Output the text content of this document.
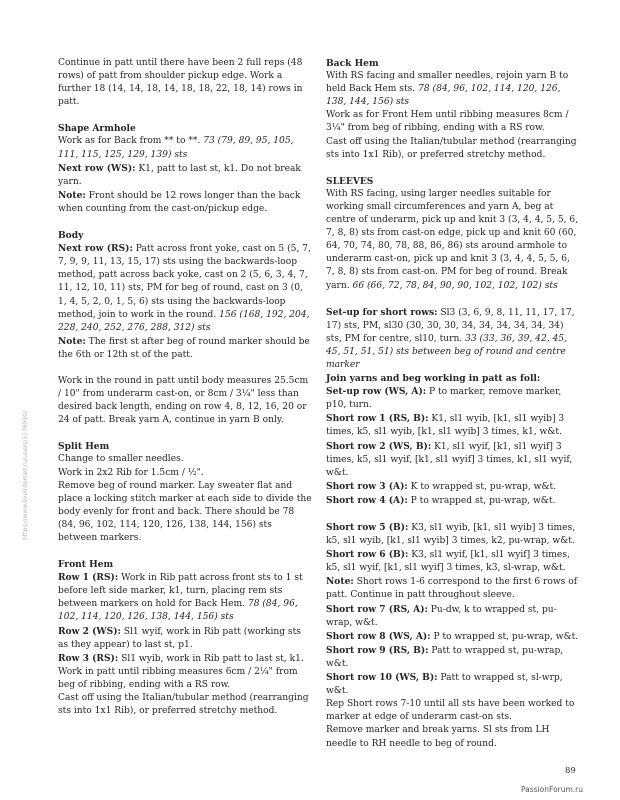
https://www.liveinternet.ru/users/5179930/

Continue in patt until there have been 2 full reps (48 rows) of patt from shoulder pickup edge. Work a further 18 (14, 14, 18, 14, 18, 18, 22, 18, 14) rows in patt.

Shape Armhole

Work as for Back from ** to **. 73 (79, 89, 95, 105, 111, 115, 125, 129, 139) sts

Next row (WS): K1, patt to last st, k1. Do not break yarn.

Note: Front should be 12 rows longer than the back when counting from the cast-on/pickup edge.

Body

Next row (RS): Patt across front yoke, cast on 5 (5, 7, 7, 9, 9, 11, 13, 15, 17) sts using the backwards-loop method, patt across back yoke, cast on 2 (5, 6, 3, 4, 7, 11, 12, 10, 11) sts, PM for beg of round, cast on 3 (0, 1, 4, 5, 2, 0, 1, 5, 6) sts using the backwards-loop method, join to work in the round. 156 (168, 192, 204, 228, 240, 252, 276, 288, 312) sts

Note: The first st after beg of round marker should be the 6th or 12th st of the patt.

Work in the round in patt until body measures 25.5cm / 10" from underarm cast-on, or 8cm / 3¼" less than desired back length, ending on row 4, 8, 12, 16, 20 or 24 of patt. Break yarn A, continue in yarn B only.

Split Hem

Change to smaller needles.

Work in 2x2 Rib for 1.5cm / ½".

Remove beg of round marker. Lay sweater flat and place a locking stitch marker at each side to divide the body evenly for front and back. There should be 78 (84, 96, 102, 114, 120, 126, 138, 144, 156) sts between markers.

Front Hem

Row 1 (RS): Work in Rib patt across front sts to 1 st before left side marker, k1, turn, placing rem sts between markers on hold for Back Hem. 78 (84, 96, 102, 114, 120, 126, 138, 144, 156) sts

Row 2 (WS): Sl1 wyif, work in Rib patt (working sts as they appear) to last st, p1.

Row 3 (RS): Sl1 wyib, work in Rib patt to last st, k1.

Work in patt until ribbing measures 6cm / 2¼" from beg of ribbing, ending with a RS row.

Cast off using the Italian/tubular method (rearranging sts into 1x1 Rib), or preferred stretchy method.

Back Hem

With RS facing and smaller needles, rejoin yarn B to held Back Hem sts. 78 (84, 96, 102, 114, 120, 126, 138, 144, 156) sts

Work as for Front Hem until ribbing measures 8cm / 3¼" from beg of ribbing, ending with a RS row.

Cast off using the Italian/tubular method (rearranging sts into 1x1 Rib), or preferred stretchy method.

SLEEVES

With RS facing, using larger needles suitable for working small circumferences and yarn A, beg at centre of underarm, pick up and knit 3 (3, 4, 4, 5, 5, 6, 7, 8, 8) sts from cast-on edge, pick up and knit 60 (60, 64, 70, 74, 80, 78, 88, 86, 86) sts around armhole to underarm cast-on, pick up and knit 3 (3, 4, 4, 5, 5, 6, 7, 8, 8) sts from cast-on. PM for beg of round. Break yarn. 66 (66, 72, 78, 84, 90, 90, 102, 102, 102) sts

Set-up for short rows: Sl3 (3, 6, 9, 8, 11, 11, 17, 17, 17) sts, PM, sl30 (30, 30, 30, 34, 34, 34, 34, 34, 34) sts, PM for centre, sl10, turn. 33 (33, 36, 39, 42, 45, 45, 51, 51, 51) sts between beg of round and centre marker

Join yarns and beg working in patt as foll:

Set-up row (WS, A): P to marker, remove marker, p10, turn.

Short row 1 (RS, B): K1, sl1 wyib, [k1, sl1 wyib] 3 times, k5, sl1 wyib, [k1, sl1 wyib] 3 times, k1, w&t.

Short row 2 (WS, B): K1, sl1 wyif, [k1, sl1 wyif] 3 times, k5, sl1 wyif, [k1, sl1 wyif] 3 times, k1, sl1 wyif, w&t.

Short row 3 (A): K to wrapped st, pu-wrap, w&t.

Short row 4 (A): P to wrapped st, pu-wrap, w&t.

Short row 5 (B): K3, sl1 wyib, [k1, sl1 wyib] 3 times, k5, sl1 wyib, [k1, sl1 wyib] 3 times, k2, pu-wrap, w&t.

Short row 6 (B): K3, sl1 wyif, [k1, sl1 wyif] 3 times, k5, sl1 wyif, [k1, sl1 wyif] 3 times, k3, sl-wrap, w&t.

Note: Short rows 1-6 correspond to the first 6 rows of patt. Continue in patt throughout sleeve.

Short row 7 (RS, A): Pu-dw, k to wrapped st, pu-wrap, w&t.

Short row 8 (WS, A): P to wrapped st, pu-wrap, w&t.

Short row 9 (RS, B): Patt to wrapped st, pu-wrap, w&t.

Short row 10 (WS, B): Patt to wrapped st, sl-wrp, w&t.

Rep Short rows 7-10 until all sts have been worked to marker at edge of underarm cast-on sts.

Remove marker and break yarns. Sl sts from LH needle to RH needle to beg of round.

89
PassionForum.ru
